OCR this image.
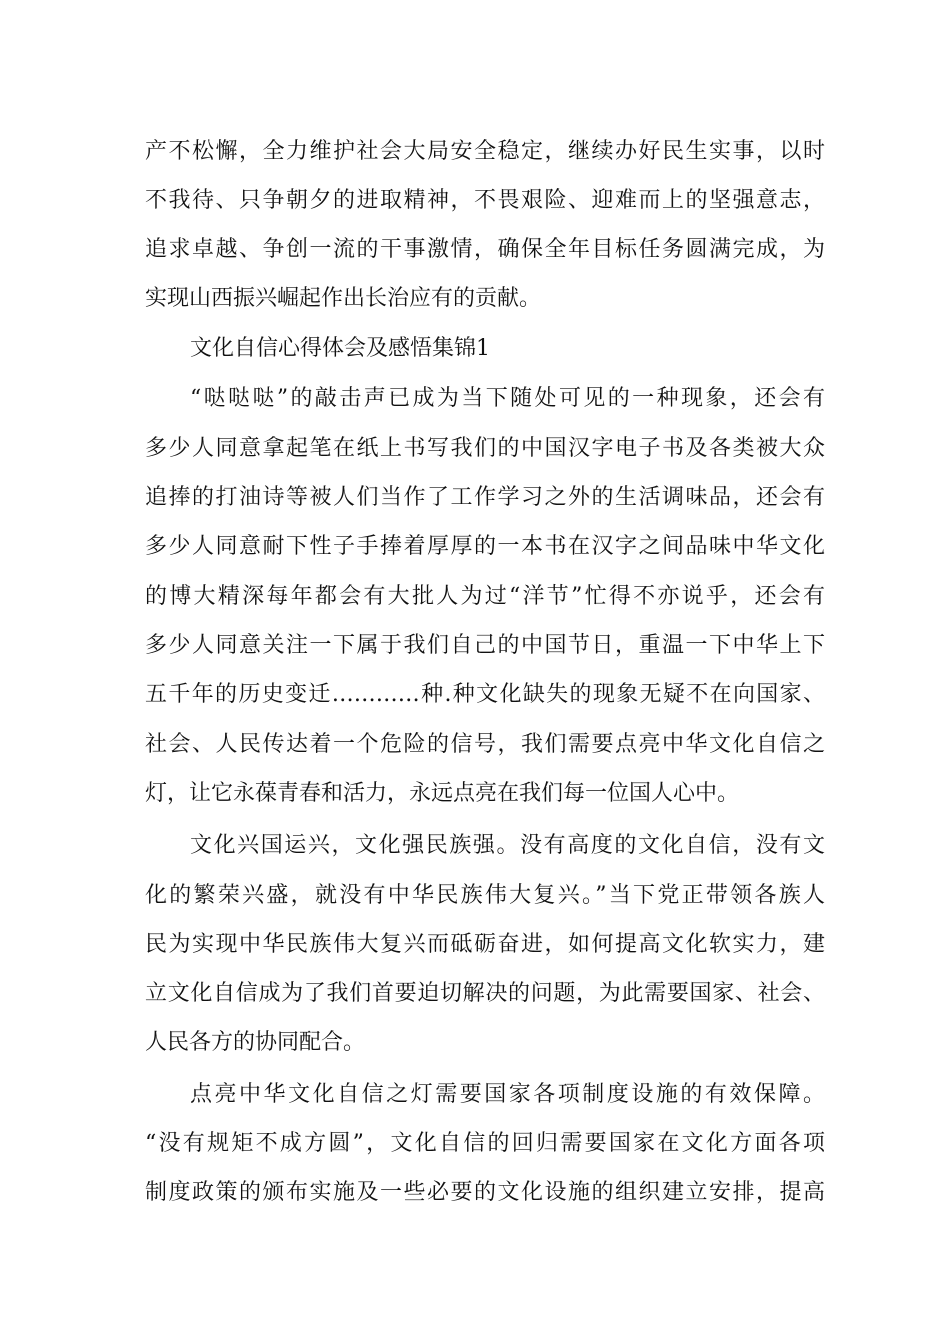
产不松懈，全力维护社会大局安全稳定，继续办好民生实事，以时
不我待、只争朝夕的进取精神，不畏艰险、迎难而上的坚强意志，
追求卓越、争创一流的干事激情，确保全年目标任务圆满完成，为
实现山西振兴崛起作出长治应有的贡献。
文化自信心得体会及感悟集锦1
“哒哒哒”的敲击声已成为当下随处可见的一种现象，还会有
多少人同意拿起笔在纸上书写我们的中国汉字电子书及各类被大众
追捧的打油诗等被人们当作了工作学习之外的生活调味品，还会有
多少人同意耐下性子手捧着厚厚的一本书在汉字之间品味中华文化
的博大精深每年都会有大批人为过“洋节”忙得不亦说乎，还会有
多少人同意关注一下属于我们自己的中国节日，重温一下中华上下
五千年的历史变迁…………种.种文化缺失的现象无疑不在向国家、
社会、人民传达着一个危险的信号，我们需要点亮中华文化自信之
灯，让它永葆青春和活力，永远点亮在我们每一位国人心中。
文化兴国运兴，文化强民族强。没有高度的文化自信，没有文
化的繁荣兴盛，就没有中华民族伟大复兴。”当下党正带领各族人
民为实现中华民族伟大复兴而砥砺奋进，如何提高文化软实力，建
立文化自信成为了我们首要迫切解决的问题，为此需要国家、社会、
人民各方的协同配合。
点亮中华文化自信之灯需要国家各项制度设施的有效保障。
“没有规矩不成方圆”，文化自信的回归需要国家在文化方面各项
制度政策的颁布实施及一些必要的文化设施的组织建立安排，提高
